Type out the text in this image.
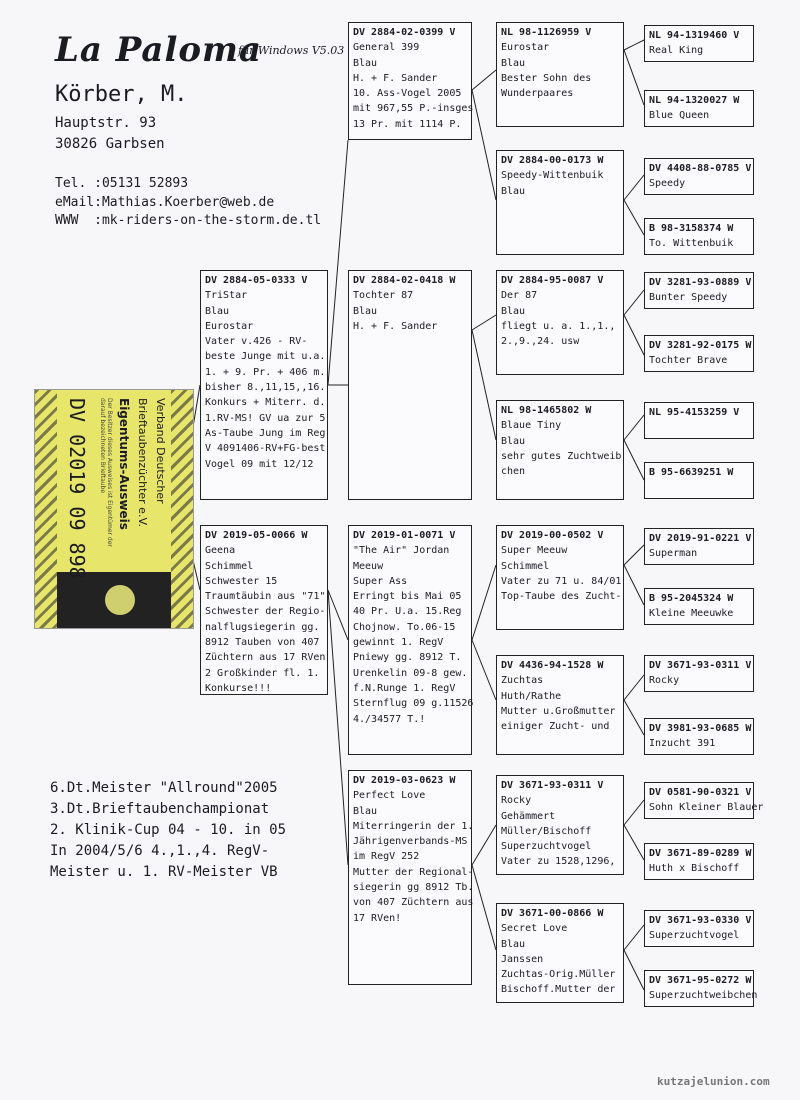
La Paloma
für Windows V5.03
Körber, M.
Hauptstr. 93
30826 Garbsen
Tel. :05131 52893
eMail:Mathias.Koerber@web.de
WWW  :mk-riders-on-the-storm.de.tl
Verband Deutscher
Brieftaubenzüchter e.V.
Eigentums-Ausweis
Der Besitzer dieses Ausweises ist Eigentümer der darauf bezeichneten Brieftaube
DV 02019 09 898
DV 2884-05-0333 V
TriStar
Blau
Eurostar
Vater v.426 - RV-
beste Junge mit u.a.
1. + 9. Pr. + 406 m.
bisher 8.,11,15,,16.
Konkurs + Miterr. d.
1.RV-MS! GV ua zur 5
As-Taube Jung im Reg
V 4091406-RV+FG-best
Vogel 09 mit 12/12
DV 2019-05-0066 W
Geena
Schimmel
Schwester 15
Traumtäubin aus "71"
Schwester der Regio-
nalflugsiegerin gg.
8912 Tauben von 407
Züchtern aus 17 RVen
2 Großkinder fl. 1.
Konkurse!!!
DV 2884-02-0399 V
General 399
Blau
H. + F. Sander
10. Ass-Vogel 2005
mit 967,55 P.-insges
13 Pr. mit 1114 P.
DV 2884-02-0418 W
Tochter 87
Blau
H. + F. Sander
DV 2019-01-0071 V
"The Air" Jordan
Meeuw
Super Ass
Erringt bis Mai 05
40 Pr. U.a. 15.Reg
Chojnow. To.06-15
gewinnt 1. RegV
Pniewy gg. 8912 T.
Urenkelin 09-8 gew.
f.N.Runge 1. RegV
Sternflug 09 g.11526
4./34577 T.!
DV 2019-03-0623 W
Perfect Love
Blau
Miterringerin der 1.
Jährigenverbands-MS
im RegV 252
Mutter der Regional-
siegerin gg 8912 Tb.
von 407 Züchtern aus
17 RVen!
NL 98-1126959 V
Eurostar
Blau
Bester Sohn des
Wunderpaares
DV 2884-00-0173 W
Speedy-Wittenbuik
Blau
DV 2884-95-0087 V
Der 87
Blau
fliegt u. a. 1.,1.,
2.,9.,24. usw
NL 98-1465802 W
Blaue Tiny
Blau
sehr gutes Zuchtweib
chen
DV 2019-00-0502 V
Super Meeuw
Schimmel
Vater zu 71 u. 84/01
Top-Taube des Zucht-
DV 4436-94-1528 W
Zuchtas
Huth/Rathe
Mutter u.Großmutter
einiger Zucht- und
DV 3671-93-0311 V
Rocky
Gehämmert
Müller/Bischoff
Superzuchtvogel
Vater zu 1528,1296,
DV 3671-00-0866 W
Secret Love
Blau
Janssen
Zuchtas-Orig.Müller
Bischoff.Mutter der
NL 94-1319460 V
Real King
NL 94-1320027 W
Blue Queen
DV 4408-88-0785 V
Speedy
B 98-3158374 W
To. Wittenbuik
DV 3281-93-0889 V
Bunter Speedy
DV 3281-92-0175 W
Tochter Brave
NL 95-4153259 V
B 95-6639251 W
DV 2019-91-0221 V
Superman
B 95-2045324 W
Kleine Meeuwke
DV 3671-93-0311 V
Rocky
DV 3981-93-0685 W
Inzucht 391
DV 0581-90-0321 V
Sohn Kleiner Blauer
DV 3671-89-0289 W
Huth x Bischoff
DV 3671-93-0330 V
Superzuchtvogel
DV 3671-95-0272 W
Superzuchtweibchen
6.Dt.Meister "Allround"2005
3.Dt.Brieftaubenchampionat
2. Klinik-Cup 04 - 10. in 05
In 2004/5/6 4.,1.,4. RegV-
Meister u. 1. RV-Meister VB
kutzajelunion.com
